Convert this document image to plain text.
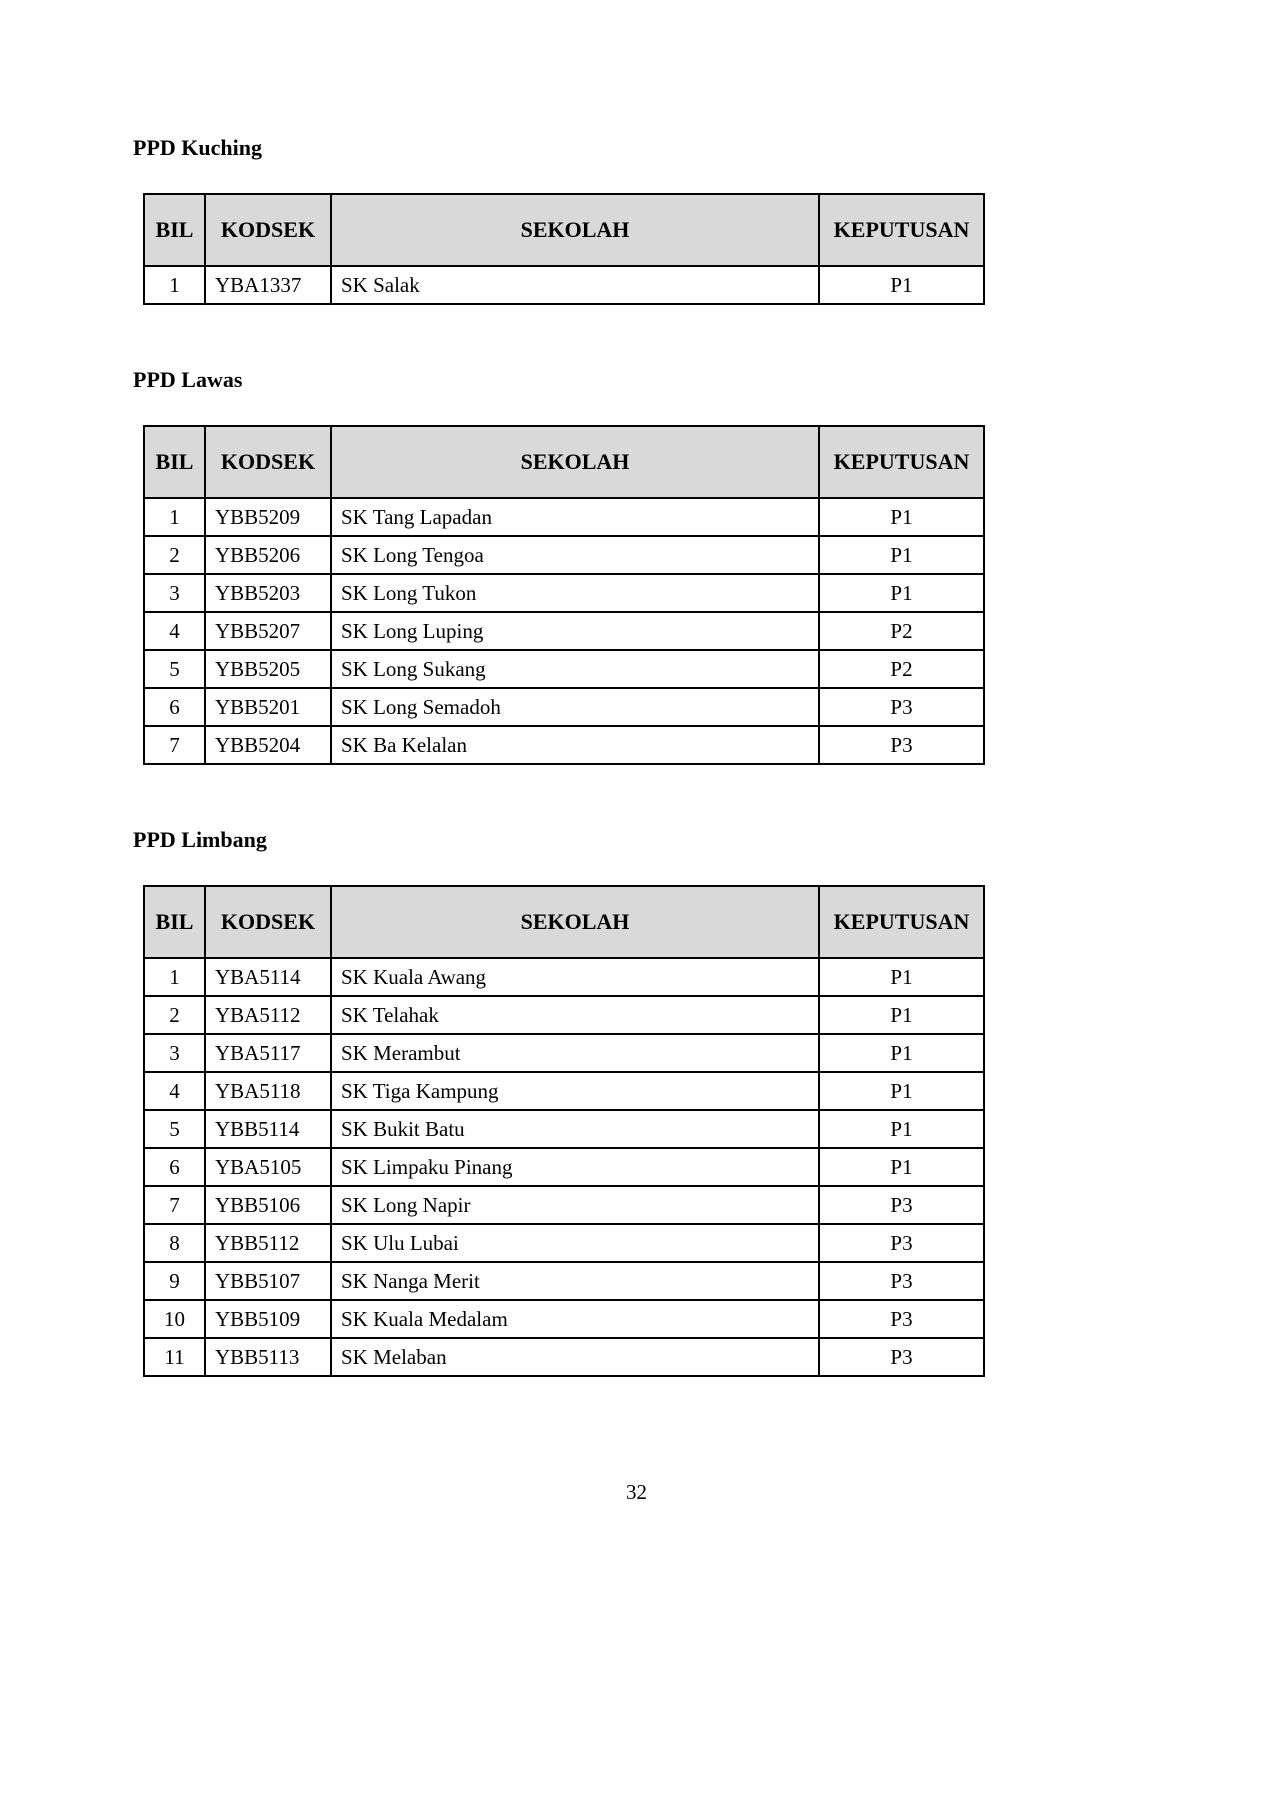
PPD Kuching
BIL	KODSEK	SEKOLAH	KEPUTUSAN
1	YBA1337	SK Salak	P1
PPD Lawas
BIL	KODSEK	SEKOLAH	KEPUTUSAN
1	YBB5209	SK Tang Lapadan	P1
2	YBB5206	SK Long Tengoa	P1
3	YBB5203	SK Long Tukon	P1
4	YBB5207	SK Long Luping	P2
5	YBB5205	SK Long Sukang	P2
6	YBB5201	SK Long Semadoh	P3
7	YBB5204	SK Ba Kelalan	P3
PPD Limbang
BIL	KODSEK	SEKOLAH	KEPUTUSAN
1	YBA5114	SK Kuala Awang	P1
2	YBA5112	SK Telahak	P1
3	YBA5117	SK Merambut	P1
4	YBA5118	SK Tiga Kampung	P1
5	YBB5114	SK Bukit Batu	P1
6	YBA5105	SK Limpaku Pinang	P1
7	YBB5106	SK Long Napir	P3
8	YBB5112	SK Ulu Lubai	P3
9	YBB5107	SK Nanga Merit	P3
10	YBB5109	SK Kuala Medalam	P3
11	YBB5113	SK Melaban	P3
32
